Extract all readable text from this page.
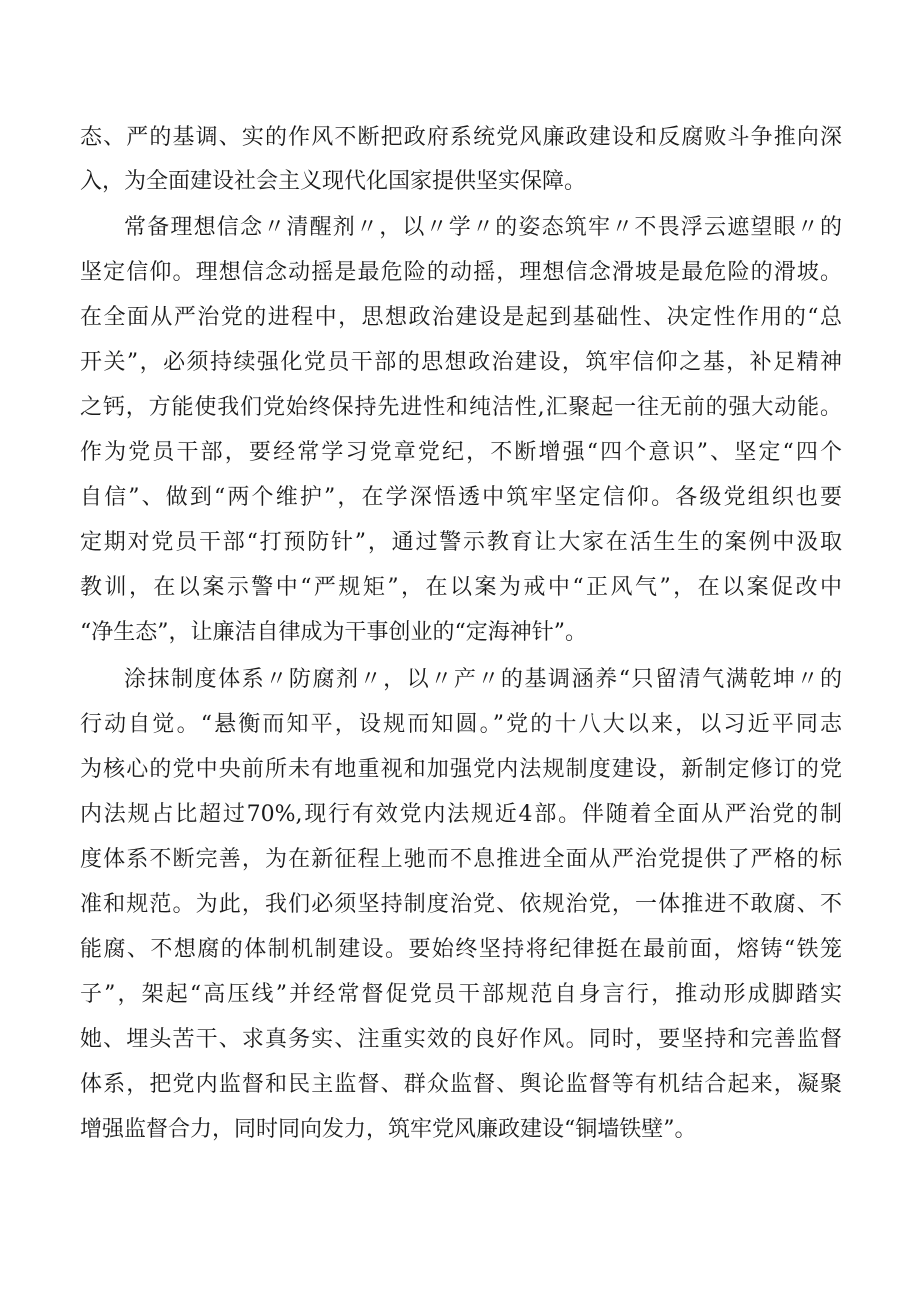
态、严的基调、实的作风不断把政府系统党风廉政建设和反腐败斗争推向深
入，为全面建设社会主义现代化国家提供坚实保障。
常备理想信念〃清醒剂〃，以〃学〃的姿态筑牢〃不畏浮云遮望眼〃的
坚定信仰。理想信念动摇是最危险的动摇，理想信念滑坡是最危险的滑坡。
在全面从严治党的进程中，思想政治建设是起到基础性、决定性作用的“总
开关”，必须持续强化党员干部的思想政治建设，筑牢信仰之基，补足精神
之钙，方能使我们党始终保持先进性和纯洁性,汇聚起一往无前的强大动能。
作为党员干部，要经常学习党章党纪，不断增强“四个意识”、坚定“四个
自信”、做到“两个维护”，在学深悟透中筑牢坚定信仰。各级党组织也要
定期对党员干部“打预防针”，通过警示教育让大家在活生生的案例中汲取
教训，在以案示警中“严规矩”，在以案为戒中“正风气”，在以案促改中
“净生态”，让廉洁自律成为干事创业的“定海神针”。
涂抹制度体系〃防腐剂〃，以〃产〃的基调涵养“只留清气满乾坤〃的
行动自觉。“悬衡而知平，设规而知圆。”党的十八大以来，以习近平同志
为核心的党中央前所未有地重视和加强党内法规制度建设，新制定修订的党
内法规占比超过70%,现行有效党内法规近4部。伴随着全面从严治党的制
度体系不断完善，为在新征程上驰而不息推进全面从严治党提供了严格的标
准和规范。为此，我们必须坚持制度治党、依规治党，一体推进不敢腐、不
能腐、不想腐的体制机制建设。要始终坚持将纪律挺在最前面，熔铸“铁笼
子”，架起“高压线”并经常督促党员干部规范自身言行，推动形成脚踏实
她、埋头苦干、求真务实、注重实效的良好作风。同时，要坚持和完善监督
体系，把党内监督和民主监督、群众监督、舆论监督等有机结合起来，凝聚
增强监督合力，同时同向发力，筑牢党风廉政建设“铜墙铁壁”。
